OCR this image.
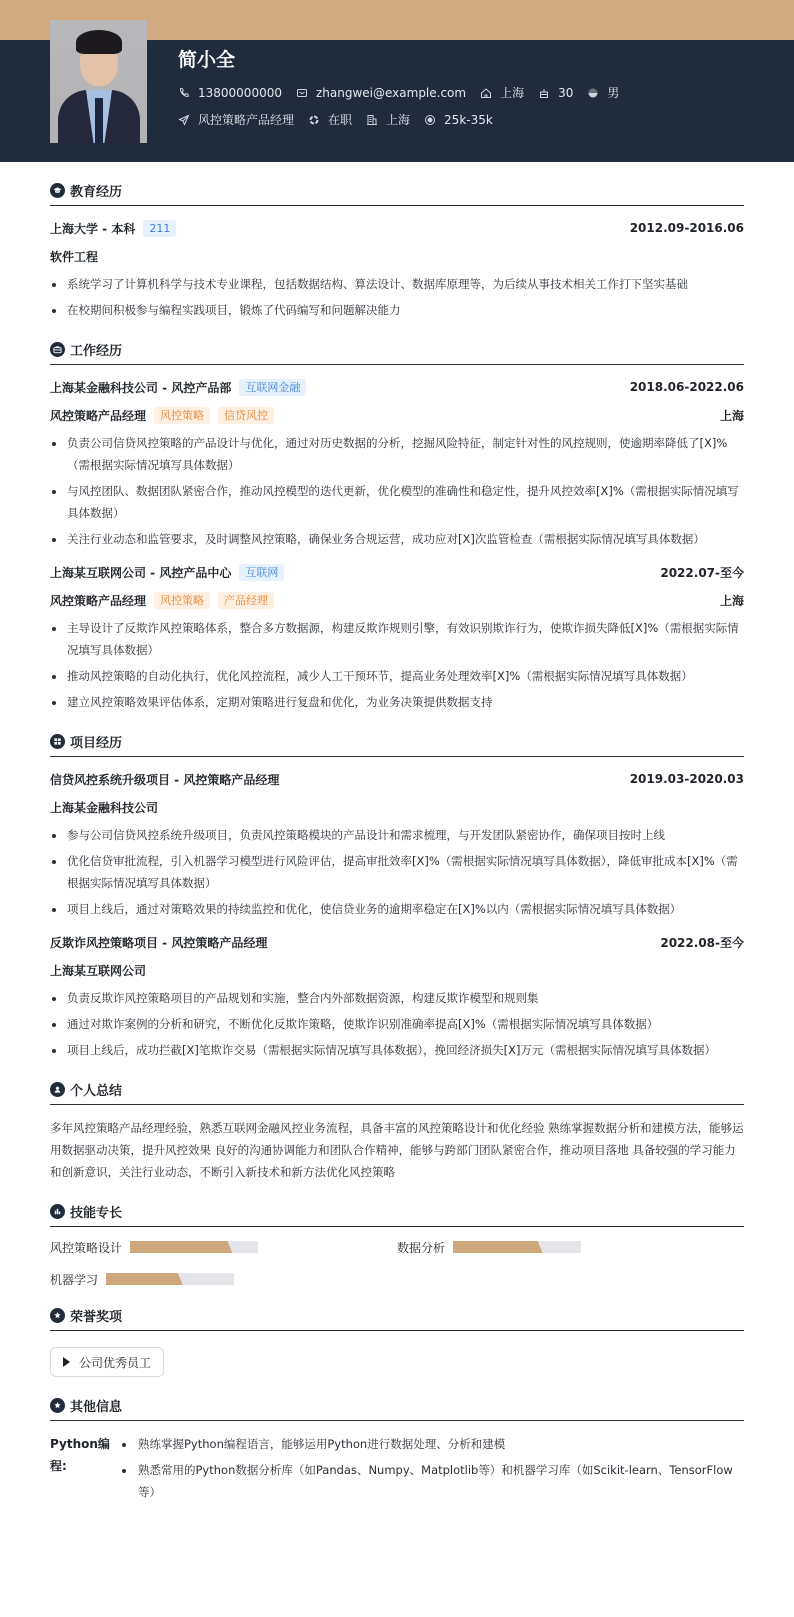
简小全
13800000000	zhangwei@example.com	上海	30	男
风控策略产品经理	在职	上海	25k-35k
教育经历
上海大学 - 本科	211	2012.09-2016.06
软件工程
系统学习了计算机科学与技术专业课程，包括数据结构、算法设计、数据库原理等，为后续从事技术相关工作打下坚实基础
在校期间积极参与编程实践项目，锻炼了代码编写和问题解决能力
工作经历
上海某金融科技公司 - 风控产品部	互联网金融	2018.06-2022.06
风控策略产品经理	风控策略	信贷风控	上海
负责公司信贷风控策略的产品设计与优化，通过对历史数据的分析，挖掘风险特征，制定针对性的风控规则，使逾期率降低了[X]%（需根据实际情况填写具体数据）
与风控团队、数据团队紧密合作，推动风控模型的迭代更新，优化模型的准确性和稳定性，提升风控效率[X]%（需根据实际情况填写具体数据）
关注行业动态和监管要求，及时调整风控策略，确保业务合规运营，成功应对[X]次监管检查（需根据实际情况填写具体数据）
上海某互联网公司 - 风控产品中心	互联网	2022.07-至今
风控策略产品经理	风控策略	产品经理	上海
主导设计了反欺诈风控策略体系，整合多方数据源，构建反欺诈规则引擎，有效识别欺诈行为，使欺诈损失降低[X]%（需根据实际情况填写具体数据）
推动风控策略的自动化执行，优化风控流程，减少人工干预环节，提高业务处理效率[X]%（需根据实际情况填写具体数据）
建立风控策略效果评估体系，定期对策略进行复盘和优化，为业务决策提供数据支持
项目经历
信贷风控系统升级项目 - 风控策略产品经理	2019.03-2020.03
上海某金融科技公司
参与公司信贷风控系统升级项目，负责风控策略模块的产品设计和需求梳理，与开发团队紧密协作，确保项目按时上线
优化信贷审批流程，引入机器学习模型进行风险评估，提高审批效率[X]%（需根据实际情况填写具体数据），降低审批成本[X]%（需根据实际情况填写具体数据）
项目上线后，通过对策略效果的持续监控和优化，使信贷业务的逾期率稳定在[X]%以内（需根据实际情况填写具体数据）
反欺诈风控策略项目 - 风控策略产品经理	2022.08-至今
上海某互联网公司
负责反欺诈风控策略项目的产品规划和实施，整合内外部数据资源，构建反欺诈模型和规则集
通过对欺诈案例的分析和研究，不断优化反欺诈策略，使欺诈识别准确率提高[X]%（需根据实际情况填写具体数据）
项目上线后，成功拦截[X]笔欺诈交易（需根据实际情况填写具体数据），挽回经济损失[X]万元（需根据实际情况填写具体数据）
个人总结

多年风控策略产品经理经验，熟悉互联网金融风控业务流程，具备丰富的风控策略设计和优化经验 熟练掌握数据分析和建模方法，能够运用数据驱动决策，提升风控效果 良好的沟通协调能力和团队合作精神，能够与跨部门团队紧密合作，推动项目落地 具备较强的学习能力和创新意识，关注行业动态，不断引入新技术和新方法优化风控策略

技能专长
风控策略设计	数据分析
机器学习
荣誉奖项
公司优秀员工
其他信息
Python编程:
熟练掌握Python编程语言，能够运用Python进行数据处理、分析和建模
熟悉常用的Python数据分析库（如Pandas、Numpy、Matplotlib等）和机器学习库（如Scikit-learn、TensorFlow等）
